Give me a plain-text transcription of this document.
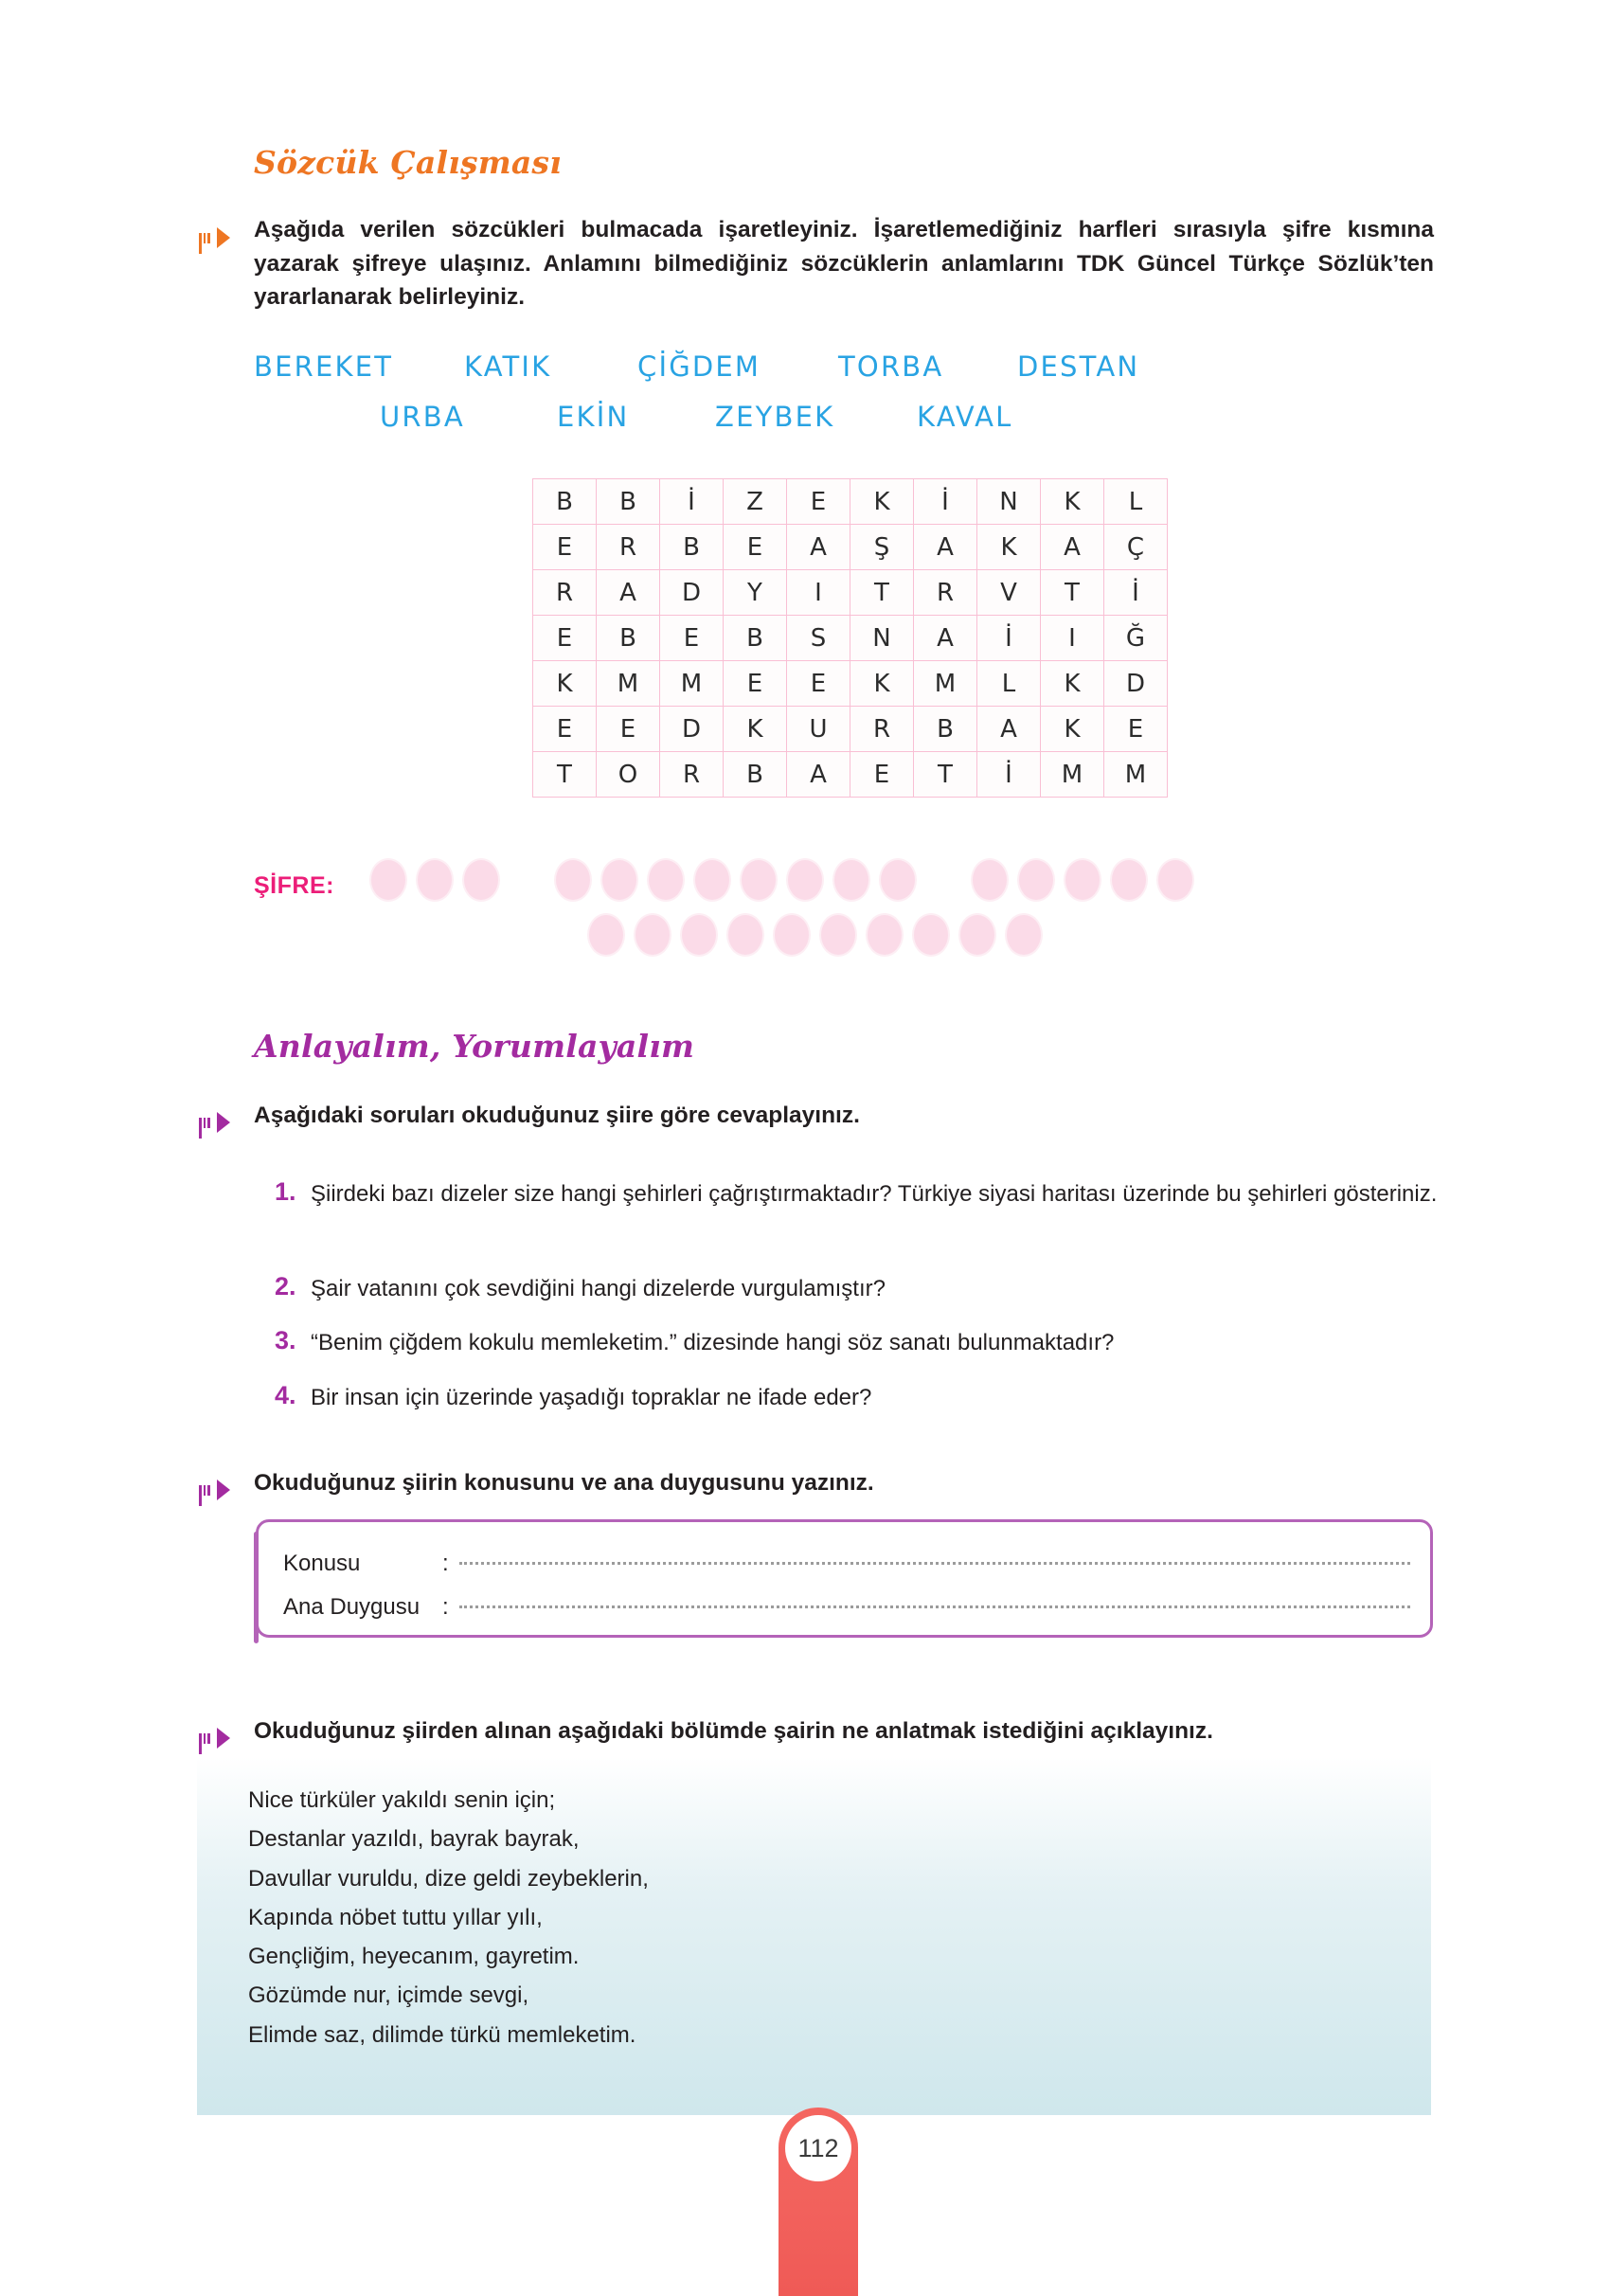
Sözcük Çalışması
Aşağıda verilen sözcükleri bulmacada işaretleyiniz. İşaretlemediğiniz harfleri sırasıyla şifre kısmına yazarak şifreye ulaşınız. Anlamını bilmediğiniz sözcüklerin anlamlarını TDK Güncel Türkçe Sözlük’ten yararlanarak belirleyiniz.
BEREKET	KATIK	ÇİĞDEM	TORBA	DESTAN
URBA	EKİN	ZEYBEK	KAVAL
B	B	İ	Z	E	K	İ	N	K	L
E	R	B	E	A	Ş	A	K	A	Ç
R	A	D	Y	I	T	R	V	T	İ
E	B	E	B	S	N	A	İ	I	Ğ
K	M	M	E	E	K	M	L	K	D
E	E	D	K	U	R	B	A	K	E
T	O	R	B	A	E	T	İ	M	M
ŞİFRE:
Anlayalım, Yorumlayalım
Aşağıdaki soruları okuduğunuz şiire göre cevaplayınız.
1. Şiirdeki bazı dizeler size hangi şehirleri çağrıştırmaktadır? Türkiye siyasi haritası üzerinde bu şehirleri gösteriniz.
2. Şair vatanını çok sevdiğini hangi dizelerde vurgulamıştır?
3. “Benim çiğdem kokulu memleketim.” dizesinde hangi söz sanatı bulunmaktadır?
4. Bir insan için üzerinde yaşadığı topraklar ne ifade eder?
Okuduğunuz şiirin konusunu ve ana duygusunu yazınız.
Konusu	:
Ana Duygusu :
Okuduğunuz şiirden alınan aşağıdaki bölümde şairin ne anlatmak istediğini açıklayınız.
Nice türküler yakıldı senin için;
Destanlar yazıldı, bayrak bayrak,
Davullar vuruldu, dize geldi zeybeklerin,
Kapında nöbet tuttu yıllar yılı,
Gençliğim, heyecanım, gayretim.
Gözümde nur, içimde sevgi,
Elimde saz, dilimde türkü memleketim.
112
